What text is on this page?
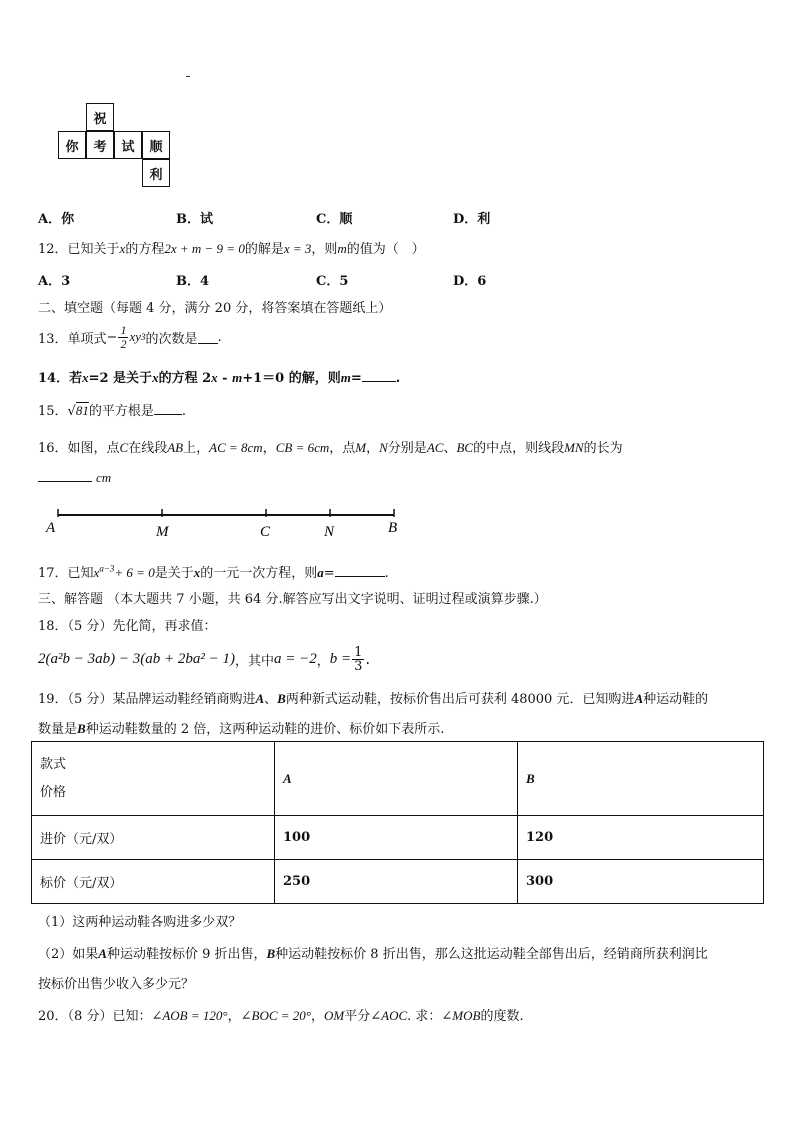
祝
你	考	试	顺
利
A．你	B．试	C．顺	D．利
12．已知关于x的方程2x + m − 9 = 0的解是x = 3，则m的值为（　）
A．3	B．4	C．5	D．6
二、填空题（每题 4 分，满分 20 分，将答案填在答题纸上）
13．单项式 − $\frac{1}{2}$ xy 3 的次数是 .
14．若x=2 是关于x的方程 2x - m+1＝0 的解，则m=	.
15．√81的平方根是 .
16．如图，点C在线段AB上，AC = 8cm，CB = 6cm，点M，N分别是AC、BC的中点，则线段MN的长为
cm
A	M	C	N	B
17．已知$x^{a-3}+ 6 = 0$是关于x的一元一次方程，则a=	.
三、解答题 （本大题共 7 小题，共 64 分.解答应写出文字说明、证明过程或演算步骤.）
18．（5 分）先化简，再求值：
2(a²b − 3ab) − 3(ab + 2ba² − 1) ，其中 a = −2 ， $b = \frac{1}{3}$ .
19．（5 分）某品牌运动鞋经销商购进A、B两种新式运动鞋，按标价售出后可获利 48000 元．已知购进A种运动鞋的
数量是B种运动鞋数量的 2 倍，这两种运动鞋的进价、标价如下表所示.
款式
价格	A	B
进价（元/双）	100	120
标价（元/双）	250	300
（1）这两种运动鞋各购进多少双？
（2）如果A种运动鞋按标价 9 折出售，B种运动鞋按标价 8 折出售，那么这批运动鞋全部售出后，经销商所获利润比
按标价出售少收入多少元？
20．（8 分）已知：∠AOB = 120°，∠BOC = 20°，OM平分∠AOC. 求：∠MOB的度数.
